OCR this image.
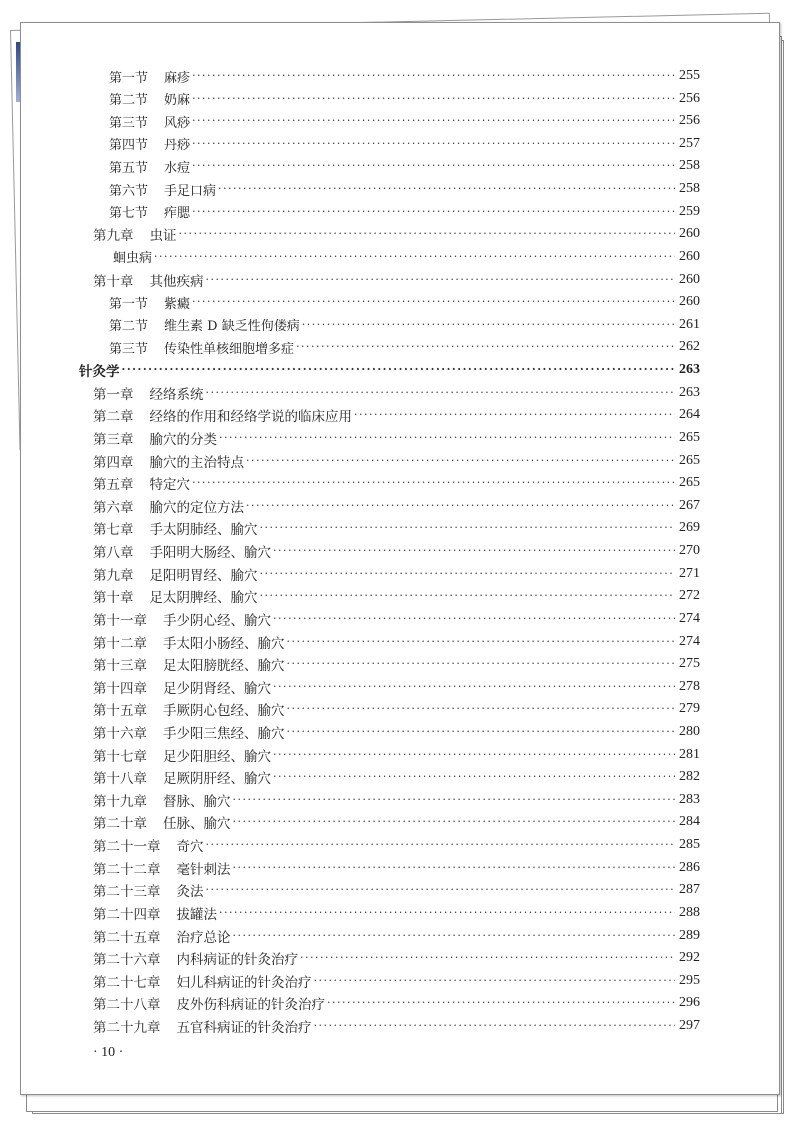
第一节 麻疹 ·····	255
第二节 奶麻 ·····	256
第三节 风痧 ·····	256
第四节 丹痧 ·····	257
第五节 水痘 ·····	258
第六节 手足口病 ·····	258
第七节 痄腮 ·····	259
第九章 虫证 ·····	260
蛔虫病 ·····	260
第十章 其他疾病 ·····	260
第一节 紫癜 ·····	260
第二节 维生素 D 缺乏性佝偻病 ·····	261
第三节 传染性单核细胞增多症 ·····	262
针灸学 ·····	263
第一章 经络系统 ·····	263
第二章 经络的作用和经络学说的临床应用 ·····	264
第三章 腧穴的分类 ·····	265
第四章 腧穴的主治特点 ·····	265
第五章 特定穴 ·····	265
第六章 腧穴的定位方法 ·····	267
第七章 手太阴肺经、腧穴 ·····	269
第八章 手阳明大肠经、腧穴 ·····	270
第九章 足阳明胃经、腧穴 ·····	271
第十章 足太阴脾经、腧穴 ·····	272
第十一章 手少阴心经、腧穴 ·····	274
第十二章 手太阳小肠经、腧穴 ·····	274
第十三章 足太阳膀胱经、腧穴 ·····	275
第十四章 足少阴肾经、腧穴 ·····	278
第十五章 手厥阴心包经、腧穴 ·····	279
第十六章 手少阳三焦经、腧穴 ·····	280
第十七章 足少阳胆经、腧穴 ·····	281
第十八章 足厥阴肝经、腧穴 ·····	282
第十九章 督脉、腧穴 ·····	283
第二十章 任脉、腧穴 ·····	284
第二十一章 奇穴 ·····	285
第二十二章 毫针刺法 ·····	286
第二十三章 灸法 ·····	287
第二十四章 拔罐法 ·····	288
第二十五章 治疗总论 ·····	289
第二十六章 内科病证的针灸治疗 ·····	292
第二十七章 妇儿科病证的针灸治疗 ·····	295
第二十八章 皮外伤科病证的针灸治疗 ·····	296
第二十九章 五官科病证的针灸治疗 ·····	297
· 10 ·
